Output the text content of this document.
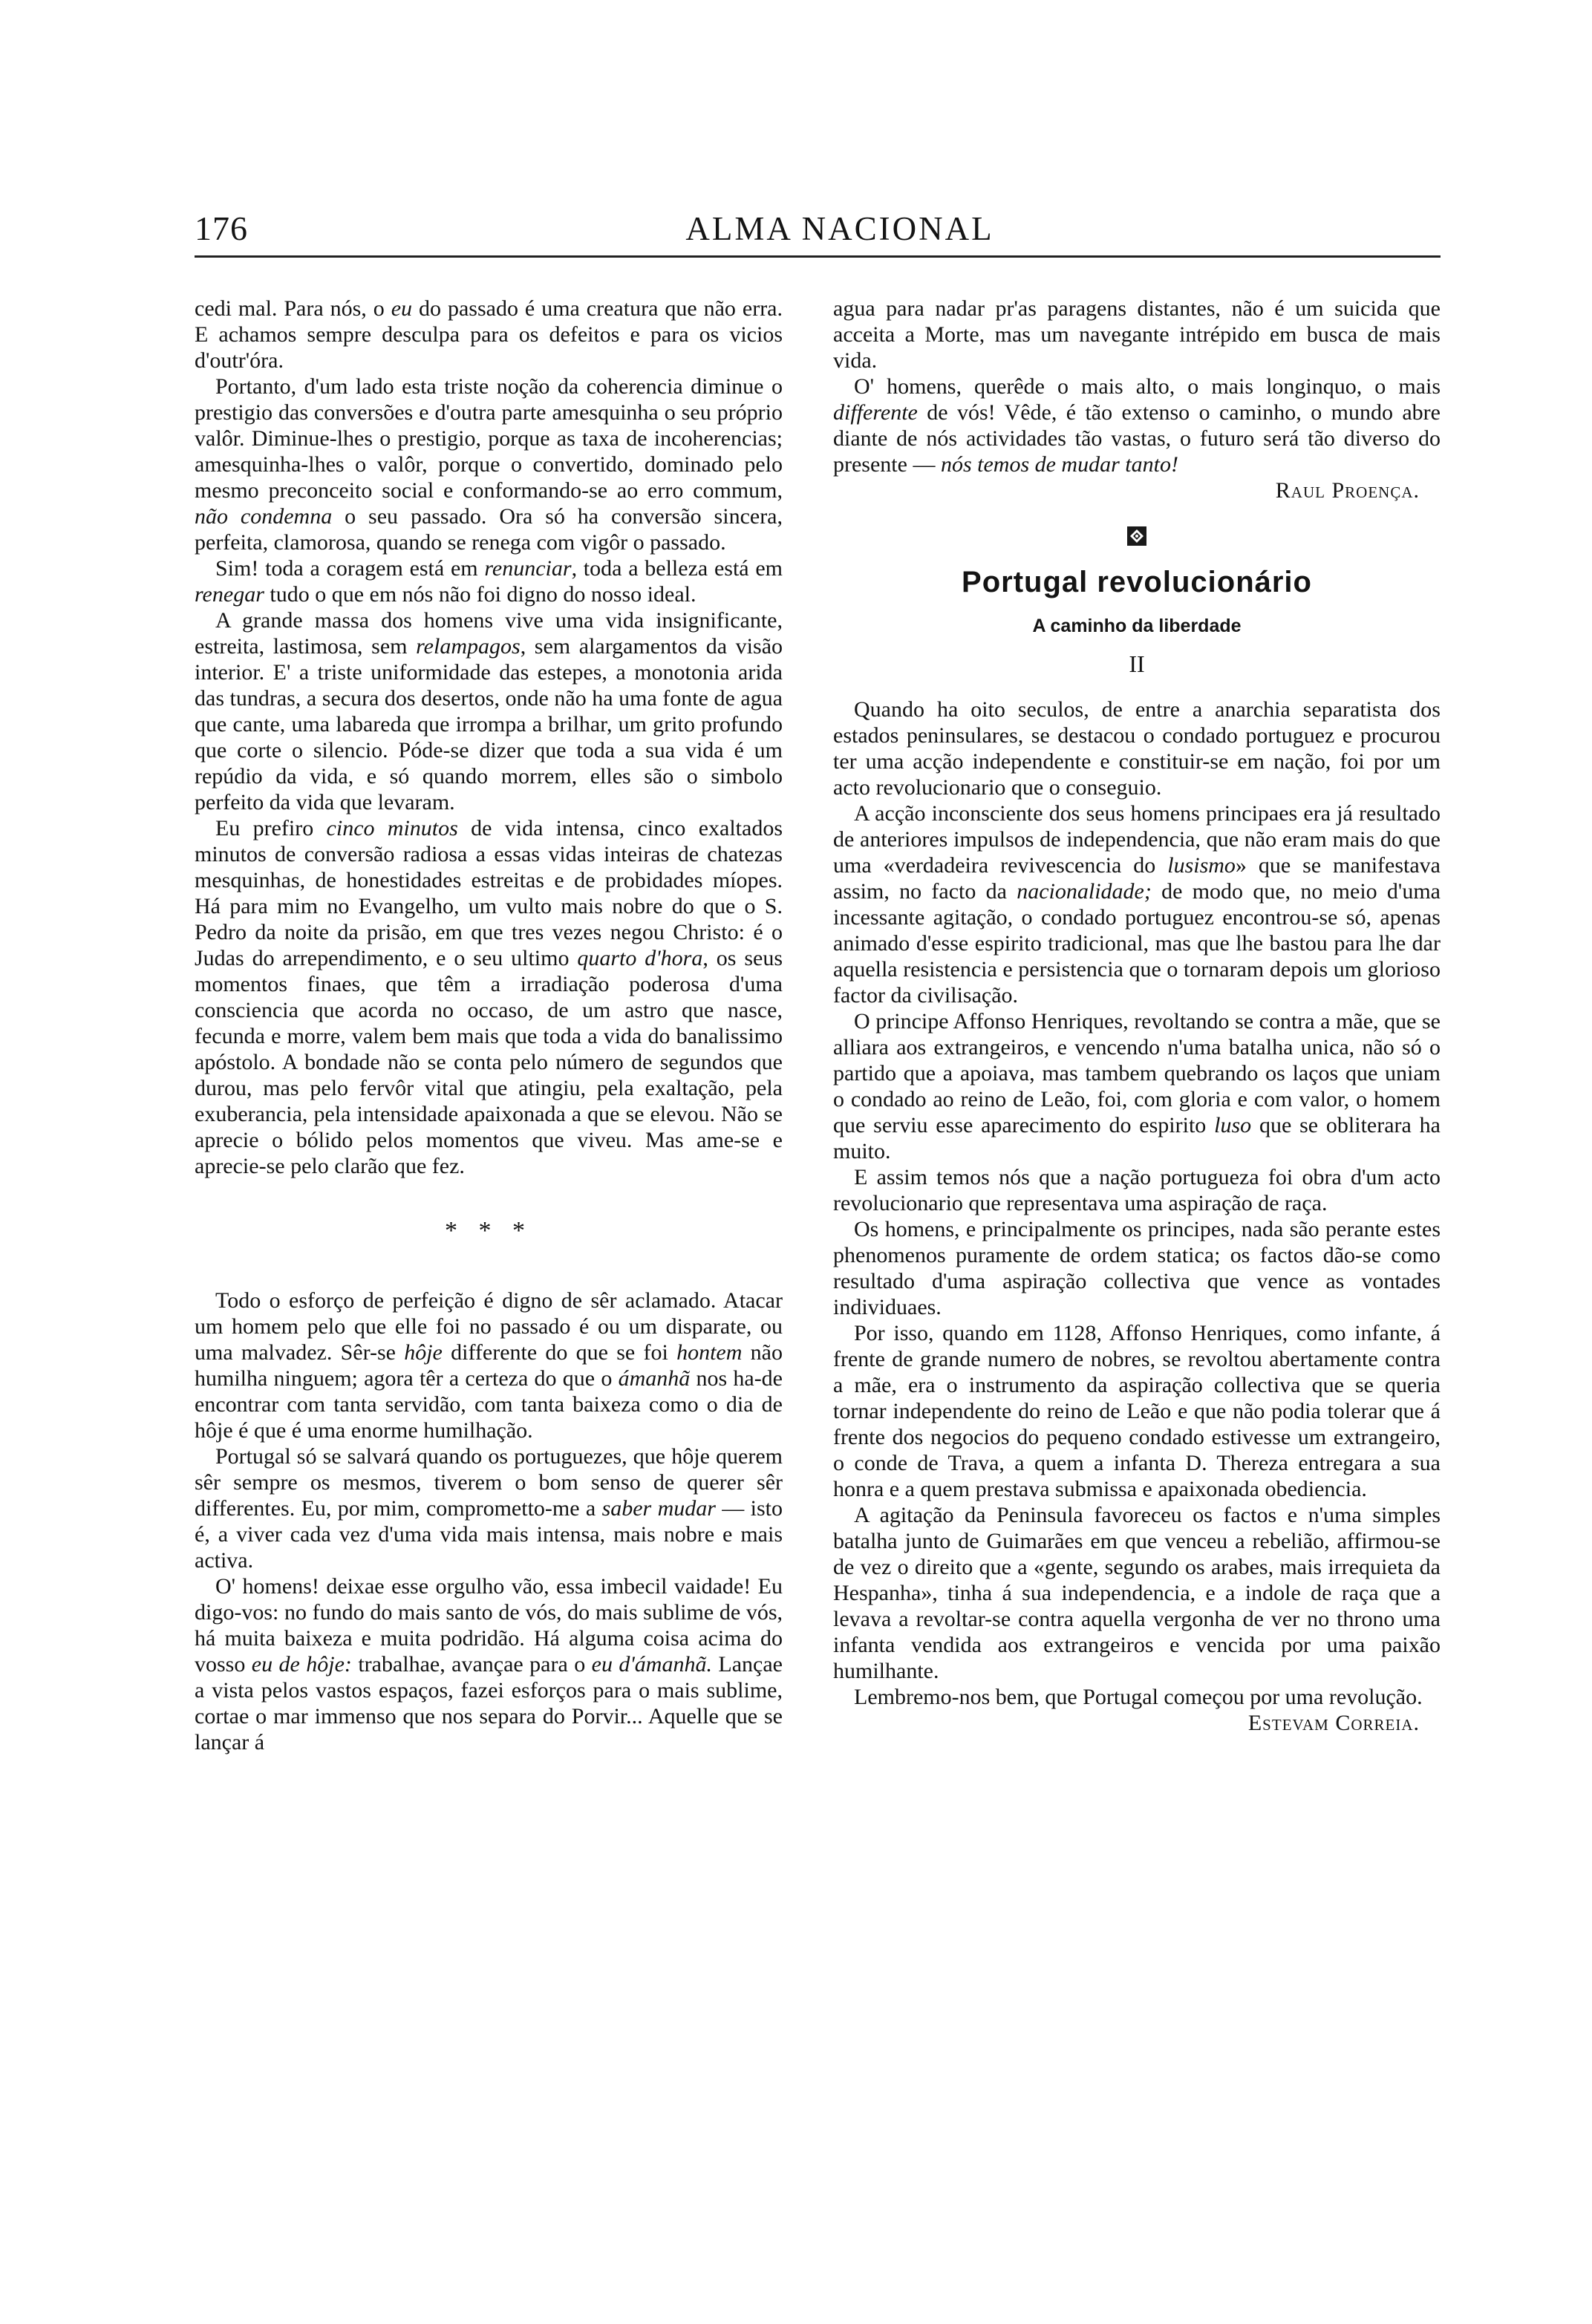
176	ALMA NACIONAL

cedi mal. Para nós, o eu do passado é uma creatura que não erra. E achamos sempre desculpa para os defeitos e para os vicios d'outr'óra.

Portanto, d'um lado esta triste noção da coherencia diminue o prestigio das conversões e d'outra parte amesquinha o seu próprio valôr. Diminue-lhes o prestigio, porque as taxa de incoherencias; amesquinha-lhes o valôr, porque o convertido, dominado pelo mesmo preconceito social e conformando-se ao erro commum, não condemna o seu passado. Ora só ha conversão sincera, perfeita, clamorosa, quando se renega com vigôr o passado.

Sim! toda a coragem está em renunciar, toda a belleza está em renegar tudo o que em nós não foi digno do nosso ideal.

A grande massa dos homens vive uma vida insignificante, estreita, lastimosa, sem relampagos, sem alargamentos da visão interior. E' a triste uniformidade das estepes, a monotonia arida das tundras, a secura dos desertos, onde não ha uma fonte de agua que cante, uma labareda que irrompa a brilhar, um grito profundo que corte o silencio. Póde-se dizer que toda a sua vida é um repúdio da vida, e só quando morrem, elles são o simbolo perfeito da vida que levaram.

Eu prefiro cinco minutos de vida intensa, cinco exaltados minutos de conversão radiosa a essas vidas inteiras de chatezas mesquinhas, de honestidades estreitas e de probidades míopes. Há para mim no Evangelho, um vulto mais nobre do que o S. Pedro da noite da prisão, em que tres vezes negou Christo: é o Judas do arrependimento, e o seu ultimo quarto d'hora, os seus momentos finaes, que têm a irradiação poderosa d'uma consciencia que acorda no occaso, de um astro que nasce, fecunda e morre, valem bem mais que toda a vida do banalissimo apóstolo. A bondade não se conta pelo número de segundos que durou, mas pelo fervôr vital que atingiu, pela exaltação, pela exuberancia, pela intensidade apaixonada a que se elevou. Não se aprecie o bólido pelos momentos que viveu. Mas ame-se e aprecie-se pelo clarão que fez.

* * *

Todo o esforço de perfeição é digno de sêr aclamado. Atacar um homem pelo que elle foi no passado é ou um disparate, ou uma malvadez. Sêr-se hôje differente do que se foi hontem não humilha ninguem; agora têr a certeza do que o ámanhã nos ha-de encontrar com tanta servidão, com tanta baixeza como o dia de hôje é que é uma enorme humilhação.

Portugal só se salvará quando os portuguezes, que hôje querem sêr sempre os mesmos, tiverem o bom senso de querer sêr differentes. Eu, por mim, comprometto-me a saber mudar — isto é, a viver cada vez d'uma vida mais intensa, mais nobre e mais activa.

O' homens! deixae esse orgulho vão, essa imbecil vaidade! Eu digo-vos: no fundo do mais santo de vós, do mais sublime de vós, há muita baixeza e muita podridão. Há alguma coisa acima do vosso eu de hôje: trabalhae, avançae para o eu d'ámanhã. Lançae a vista pelos vastos espaços, fazei esforços para o mais sublime, cortae o mar immenso que nos separa do Porvir... Aquelle que se lançar á

agua para nadar pr'as paragens distantes, não é um suicida que acceita a Morte, mas um navegante intrépido em busca de mais vida.

O' homens, querêde o mais alto, o mais longinquo, o mais differente de vós! Vêde, é tão extenso o caminho, o mundo abre diante de nós actividades tão vastas, o futuro será tão diverso do presente — nós temos de mudar tanto!

Raul Proença.

Portugal revolucionário
A caminho da liberdade
II

Quando ha oito seculos, de entre a anarchia separatista dos estados peninsulares, se destacou o condado portuguez e procurou ter uma acção independente e constituir-se em nação, foi por um acto revolucionario que o conseguio.

A acção inconsciente dos seus homens principaes era já resultado de anteriores impulsos de independencia, que não eram mais do que uma «verdadeira revivescencia do lusismo» que se manifestava assim, no facto da nacionalidade; de modo que, no meio d'uma incessante agitação, o condado portuguez encontrou-se só, apenas animado d'esse espirito tradicional, mas que lhe bastou para lhe dar aquella resistencia e persistencia que o tornaram depois um glorioso factor da civilisação.

O principe Affonso Henriques, revoltando se contra a mãe, que se alliara aos extrangeiros, e vencendo n'uma batalha unica, não só o partido que a apoiava, mas tambem quebrando os laços que uniam o condado ao reino de Leão, foi, com gloria e com valor, o homem que serviu esse aparecimento do espirito luso que se obliterara ha muito.

E assim temos nós que a nação portugueza foi obra d'um acto revolucionario que representava uma aspiração de raça.

Os homens, e principalmente os principes, nada são perante estes phenomenos puramente de ordem statica; os factos dão-se como resultado d'uma aspiração collectiva que vence as vontades individuaes.

Por isso, quando em 1128, Affonso Henriques, como infante, á frente de grande numero de nobres, se revoltou abertamente contra a mãe, era o instrumento da aspiração collectiva que se queria tornar independente do reino de Leão e que não podia tolerar que á frente dos negocios do pequeno condado estivesse um extrangeiro, o conde de Trava, a quem a infanta D. Thereza entregara a sua honra e a quem prestava submissa e apaixonada obediencia.

A agitação da Peninsula favoreceu os factos e n'uma simples batalha junto de Guimarães em que venceu a rebelião, affirmou-se de vez o direito que a «gente, segundo os arabes, mais irrequieta da Hespanha», tinha á sua independencia, e a indole de raça que a levava a revoltar-se contra aquella vergonha de ver no throno uma infanta vendida aos extrangeiros e vencida por uma paixão humilhante.

Lembremo-nos bem, que Portugal começou por uma revolução.

Estevam Correia.
